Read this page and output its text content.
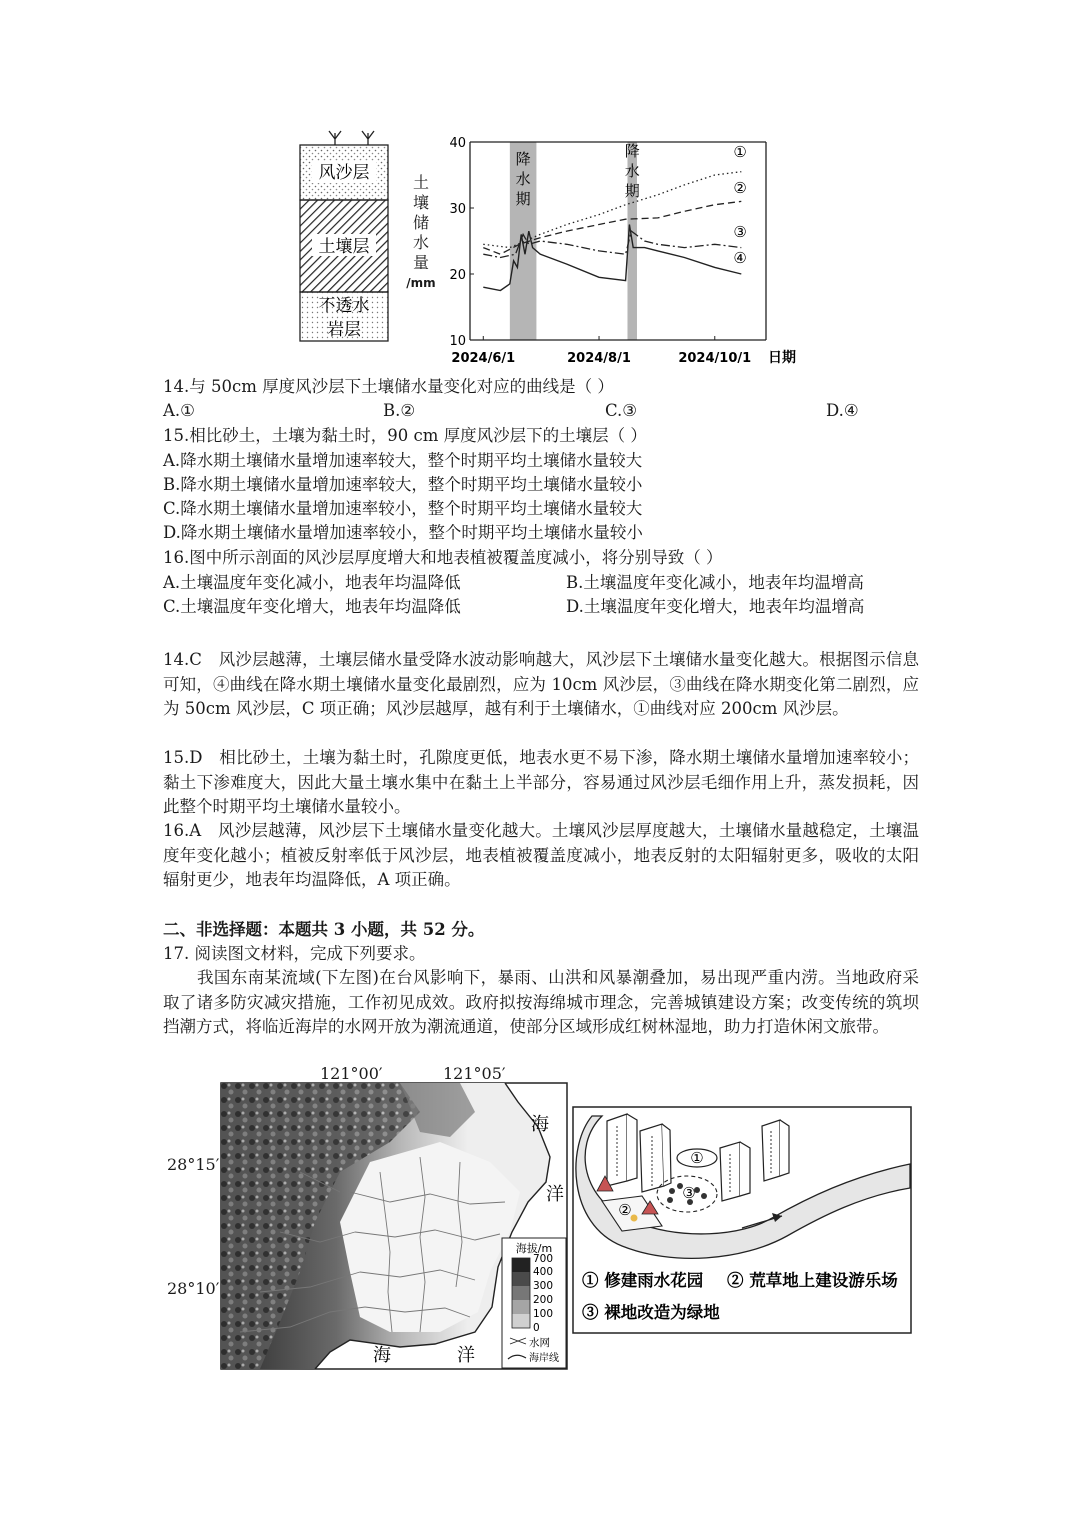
风沙层
土壤层
不透水
岩层
土
壤
储
水
量
/mm
降
水
期
降
水
期
40
30
20
10
2024/6/1	2024/8/1	2024/10/1 日期
①
②
③
④
14.与 50cm 厚度风沙层下土壤储水量变化对应的曲线是（ ）
A.①	B.②	C.③	D.④
15.相比砂土，土壤为黏土时，90 cm 厚度风沙层下的土壤层（ ）
A.降水期土壤储水量增加速率较大，整个时期平均土壤储水量较大
B.降水期土壤储水量增加速率较大，整个时期平均土壤储水量较小
C.降水期土壤储水量增加速率较小，整个时期平均土壤储水量较大
D.降水期土壤储水量增加速率较小，整个时期平均土壤储水量较小
16.图中所示剖面的风沙层厚度增大和地表植被覆盖度减小，将分别导致（ ）
A.土壤温度年变化减小，地表年均温降低	B.土壤温度年变化减小，地表年均温增高
C.土壤温度年变化增大，地表年均温降低	D.土壤温度年变化增大，地表年均温增高
14.C　风沙层越薄，土壤层储水量受降水波动影响越大，风沙层下土壤储水量变化越大。根据图示信息可知，④曲线在降水期土壤储水量变化最剧烈，应为 10cm 风沙层，③曲线在降水期变化第二剧烈，应为 50cm 风沙层，C 项正确；风沙层越厚，越有利于土壤储水，①曲线对应 200cm 风沙层。
15.D　相比砂土，土壤为黏土时，孔隙度更低，地表水更不易下渗，降水期土壤储水量增加速率较小；黏土下渗难度大，因此大量土壤水集中在黏土上半部分，容易通过风沙层毛细作用上升，蒸发损耗，因此整个时期平均土壤储水量较小。
16.A　风沙层越薄，风沙层下土壤储水量变化越大。土壤风沙层厚度越大，土壤储水量越稳定，土壤温度年变化越小；植被反射率低于风沙层，地表植被覆盖度减小，地表反射的太阳辐射更多，吸收的太阳辐射更少，地表年均温降低，A 项正确。
二、非选择题：本题共 3 小题，共 52 分。
17. 阅读图文材料，完成下列要求。
我国东南某流域(下左图)在台风影响下，暴雨、山洪和风暴潮叠加，易出现严重内涝。当地政府采取了诸多防灾减灾措施，工作初见成效。政府拟按海绵城市理念，完善城镇建设方案；改变传统的筑坝挡潮方式，将临近海岸的水网开放为潮流通道，使部分区域形成红树林湿地，助力打造休闲文旅带。
121°00′	121°05′
28°15′
28°10′
海
洋
海	洋
海拔/m
700
400
300
200
100
0
水网
海岸线
①
②
③
① 修建雨水花园 ② 荒草地上建设游乐场
③ 裸地改造为绿地
